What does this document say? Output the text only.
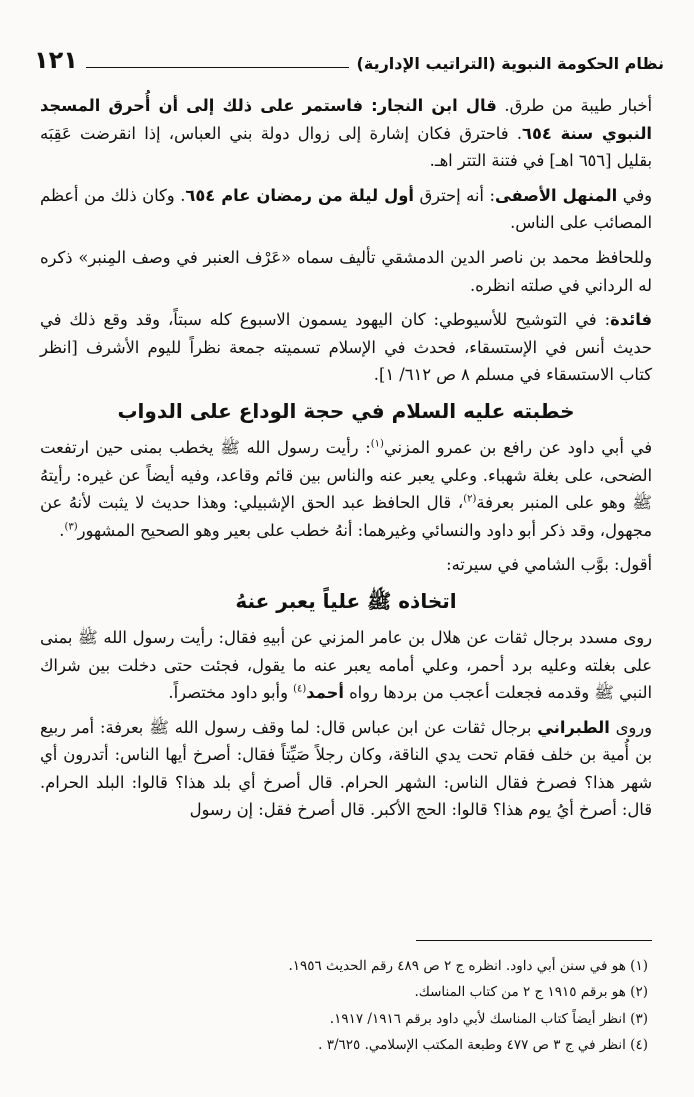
نظام الحكومة النبوية (التراتيب الإدارية)
١٢١

أخبار طيبة من طرق. قال ابن النجار: فاستمر على ذلك إلى أن أُحرق المسجد النبوي سنة ٦٥٤. فاحترق فكان إشارة إلى زوال دولة بني العباس، إذا انقرضت عَقِبَه بقليل [٦٥٦ اهـ] في فتنة التتر اهـ.

وفي المنهل الأصفى: أنه إحترق أول ليلة من رمضان عام ٦٥٤. وكان ذلك من أعظم المصائب على الناس.

وللحافظ محمد بن ناصر الدين الدمشقي تأليف سماه «عَرْف العنبر في وصف المِنبر» ذكره له الرداني في صلته انظره.

فائدة: في التوشيح للأسيوطي: كان اليهود يسمون الاسبوع كله سبتاً، وقد وقع ذلك في حديث أنس في الإستسقاء، فحدث في الإسلام تسميته جمعة نظراً لليوم الأشرف [انظر كتاب الاستسقاء في مسلم ٨ ص ٦١٢/ ١].

خطبته عليه السلام في حجة الوداع على الدواب

في أبي داود عن رافع بن عمرو المزني$^{(١)}$: رأيت رسول الله ﷺ يخطب بمنى حين ارتفعت الضحى، على بغلة شهباء. وعلي يعبر عنه والناس بين قائم وقاعد، وفيه أيضاً عن غيره: رأيتهُ ﷺ وهو على المنبر بعرفة$^{(٢)}$، قال الحافظ عبد الحق الإشبيلي: وهذا حديث لا يثبت لأنهُ عن مجهول، وقد ذكر أبو داود والنسائي وغيرهما: أنهُ خطب على بعير وهو الصحيح المشهور$^{(٣)}$.

أقول: بوَّب الشامي في سيرته:

اتخاذه ﷺ علياً يعبر عنهُ

روى مسدد برجال ثقات عن هلال بن عامر المزني عن أبيهِ فقال: رأيت رسول الله ﷺ بمنى على بغلته وعليه برد أحمر، وعلي أمامه يعبر عنه ما يقول، فجئت حتى دخلت بين شراك النبي ﷺ وقدمه فجعلت أعجب من بردها رواه أحمد$^{(٤)}$ وأبو داود مختصراً.

وروى الطبراني برجال ثقات عن ابن عباس قال: لما وقف رسول الله ﷺ بعرفة: أمر ربيع بن أُمية بن خلف فقام تحت يدي الناقة، وكان رجلاً صَيِّتاً فقال: أصرخ أيها الناس: أتدرون أي شهر هذا؟ فصرخ فقال الناس: الشهر الحرام. قال أصرخ أي بلد هذا؟ قالوا: البلد الحرام. قال: أصرخ أيُ يوم هذا؟ قالوا: الحج الأكبر. قال أصرخ فقل: إن رسول

(١) هو في سنن أبي داود. انظره ج ٢ ص ٤٨٩ رقم الحديث ١٩٥٦.
(٢) هو برقم ١٩١٥ ج ٢ من كتاب المناسك.
(٣) انظر أيضاً كتاب المناسك لأبي داود برقم ١٩١٦/ ١٩١٧.
(٤) انظر في ج ٣ ص ٤٧٧ وطبعة المكتب الإسلامي. ٣/٦٢٥ .
